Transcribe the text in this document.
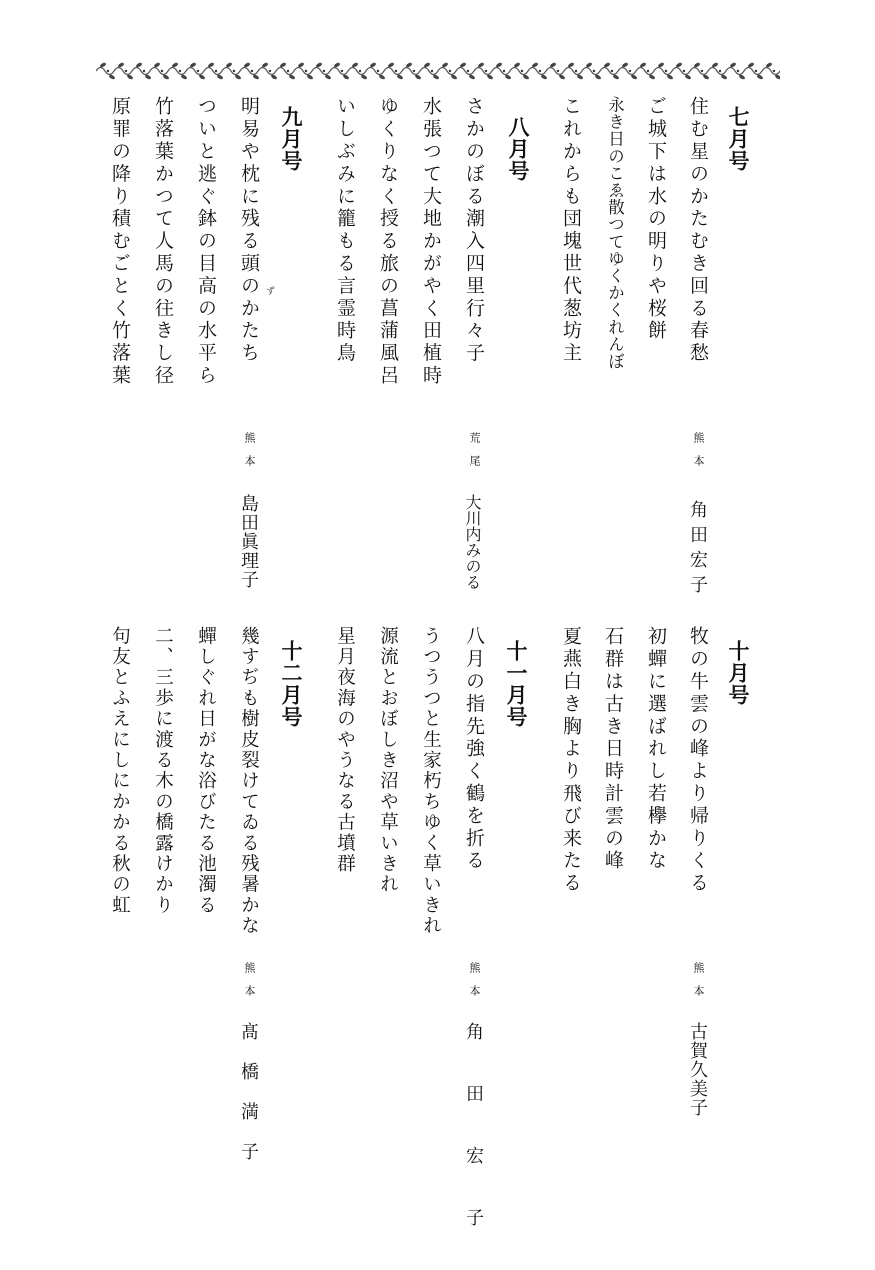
七月号
住む星のかたむき回る春愁
ご城下は水の明りや桜餅
永き日のこゑ散つてゆくかくれんぼ
これからも団塊世代葱坊主
熊本
角田宏子
八月号
さかのぼる潮入四里行々子
水張つて大地かがやく田植時
ゆくりなく授る旅の菖蒲風呂
いしぶみに籠もる言霊時鳥
荒尾
大川内みのる
九月号
明易や枕に残る頭のかたち ず
ついと逃ぐ鉢の目高の水平ら
竹落葉かつて人馬の往きし径
原罪の降り積むごとく竹落葉
熊本
島田眞理子
十月号
牧の牛雲の峰より帰りくる
初蟬に選ばれし若欅かな
石群は古き日時計雲の峰
夏燕白き胸より飛び来たる
熊本
古賀久美子
十一月号
八月の指先強く鶴を折る
うつうつと生家朽ちゆく草いきれ
源流とおぼしき沼や草いきれ
星月夜海のやうなる古墳群
熊本
角田宏子
十二月号
幾すぢも樹皮裂けてゐる残暑かな
蟬しぐれ日がな浴びたる池濁る
二、三歩に渡る木の橋露けかり
句友とふえにしにかかる秋の虹
熊本
髙橋満子
